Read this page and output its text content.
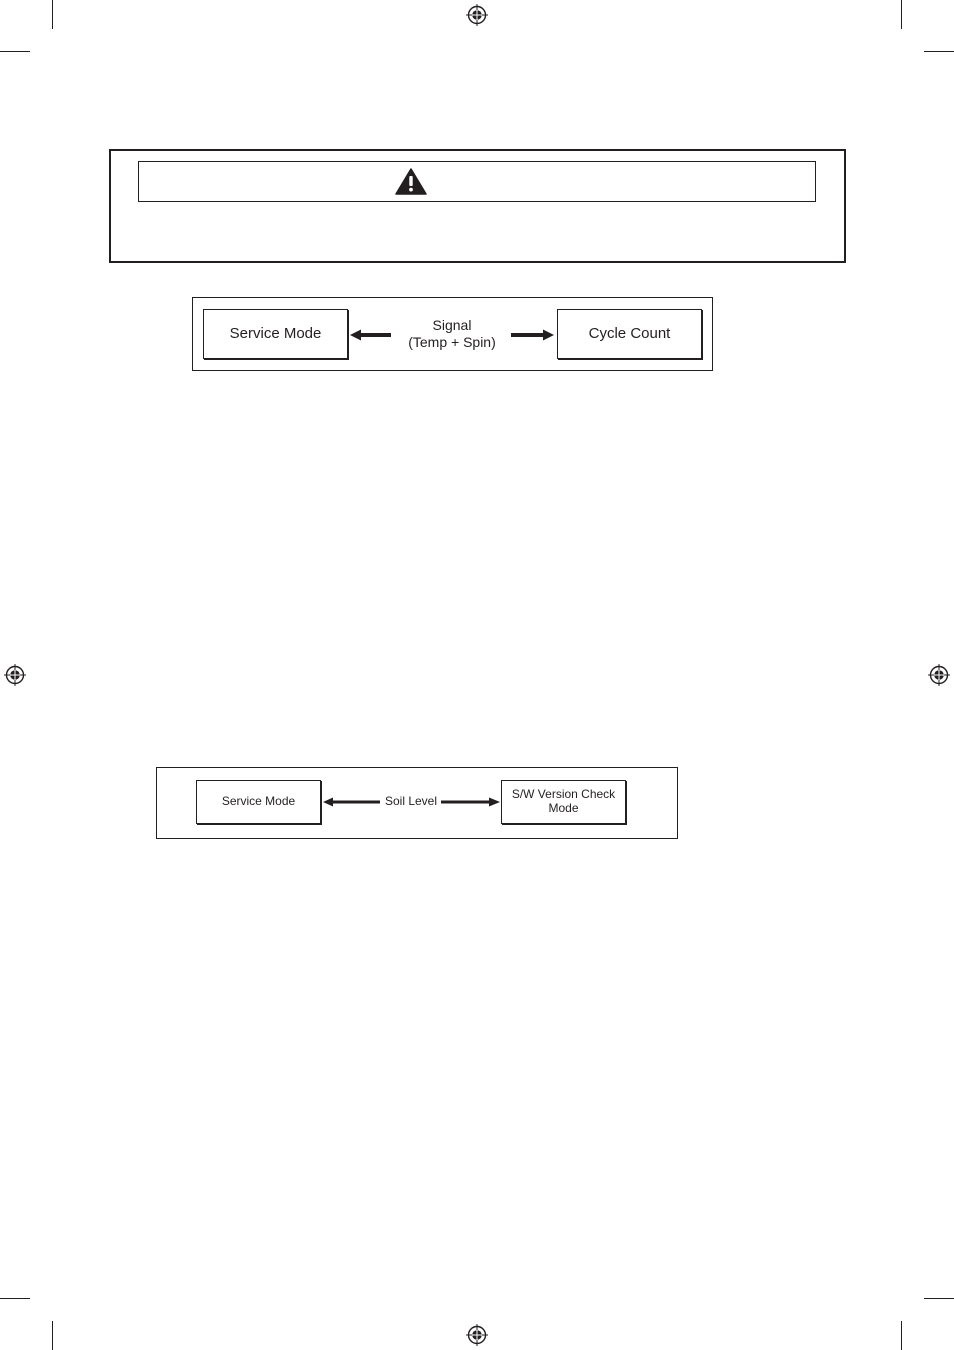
Service Mode
Signal
(Temp + Spin)	Cycle Count
Service Mode	Soil Level	S/W Version Check
Mode
